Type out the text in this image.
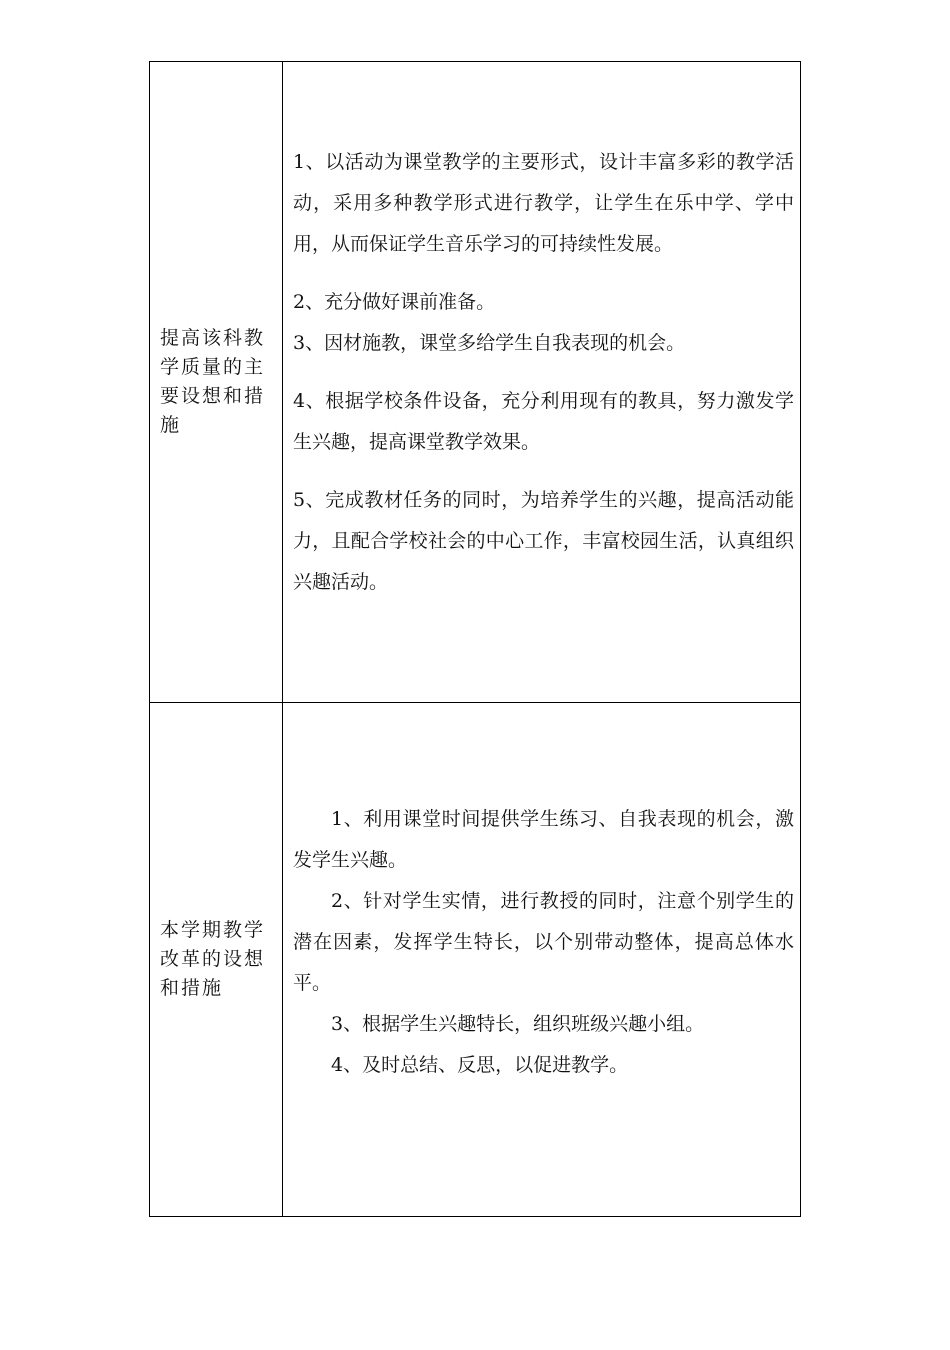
提高该科教学质量的主要设想和措施

1、以活动为课堂教学的主要形式，设计丰富多彩的教学活动，采用多种教学形式进行教学，让学生在乐中学、学中用，从而保证学生音乐学习的可持续性发展。

2、充分做好课前准备。

3、因材施教，课堂多给学生自我表现的机会。

4、根据学校条件设备，充分利用现有的教具，努力激发学生兴趣，提高课堂教学效果。

5、完成教材任务的同时，为培养学生的兴趣，提高活动能力，且配合学校社会的中心工作，丰富校园生活，认真组织兴趣活动。

本学期教学改革的设想和措施

1、利用课堂时间提供学生练习、自我表现的机会，激发学生兴趣。

2、针对学生实情，进行教授的同时，注意个别学生的潜在因素，发挥学生特长，以个别带动整体，提高总体水平。

3、根据学生兴趣特长，组织班级兴趣小组。

4、及时总结、反思，以促进教学。
